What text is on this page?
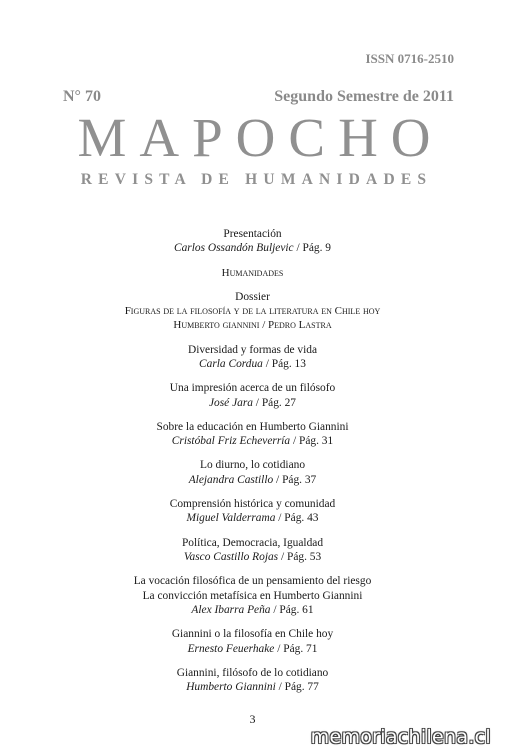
ISSN 0716-2510
N° 70	Segundo Semestre de 2011
MAPOCHO
REVISTA DE HUMANIDADES
Presentación
Carlos Ossandón Buljevic / Pág. 9
Humanidades
Dossier
Figuras de la filosofía y de la literatura en Chile hoy
Humberto giannini / Pedro Lastra
Diversidad y formas de vida
Carla Cordua / Pág. 13
Una impresión acerca de un filósofo
José Jara / Pág. 27
Sobre la educación en Humberto Giannini
Cristóbal Friz Echeverría / Pág. 31
Lo diurno, lo cotidiano
Alejandra Castillo / Pág. 37
Comprensión histórica y comunidad
Miguel Valderrama / Pág. 43
Política, Democracia, Igualdad
Vasco Castillo Rojas / Pág. 53
La vocación filosófica de un pensamiento del riesgo
La convicción metafísica en Humberto Giannini
Alex Ibarra Peña / Pág. 61
Giannini o la filosofía en Chile hoy
Ernesto Feuerhake / Pág. 71
Giannini, filósofo de lo cotidiano
Humberto Giannini / Pág. 77
3
memoriachilena.cl
